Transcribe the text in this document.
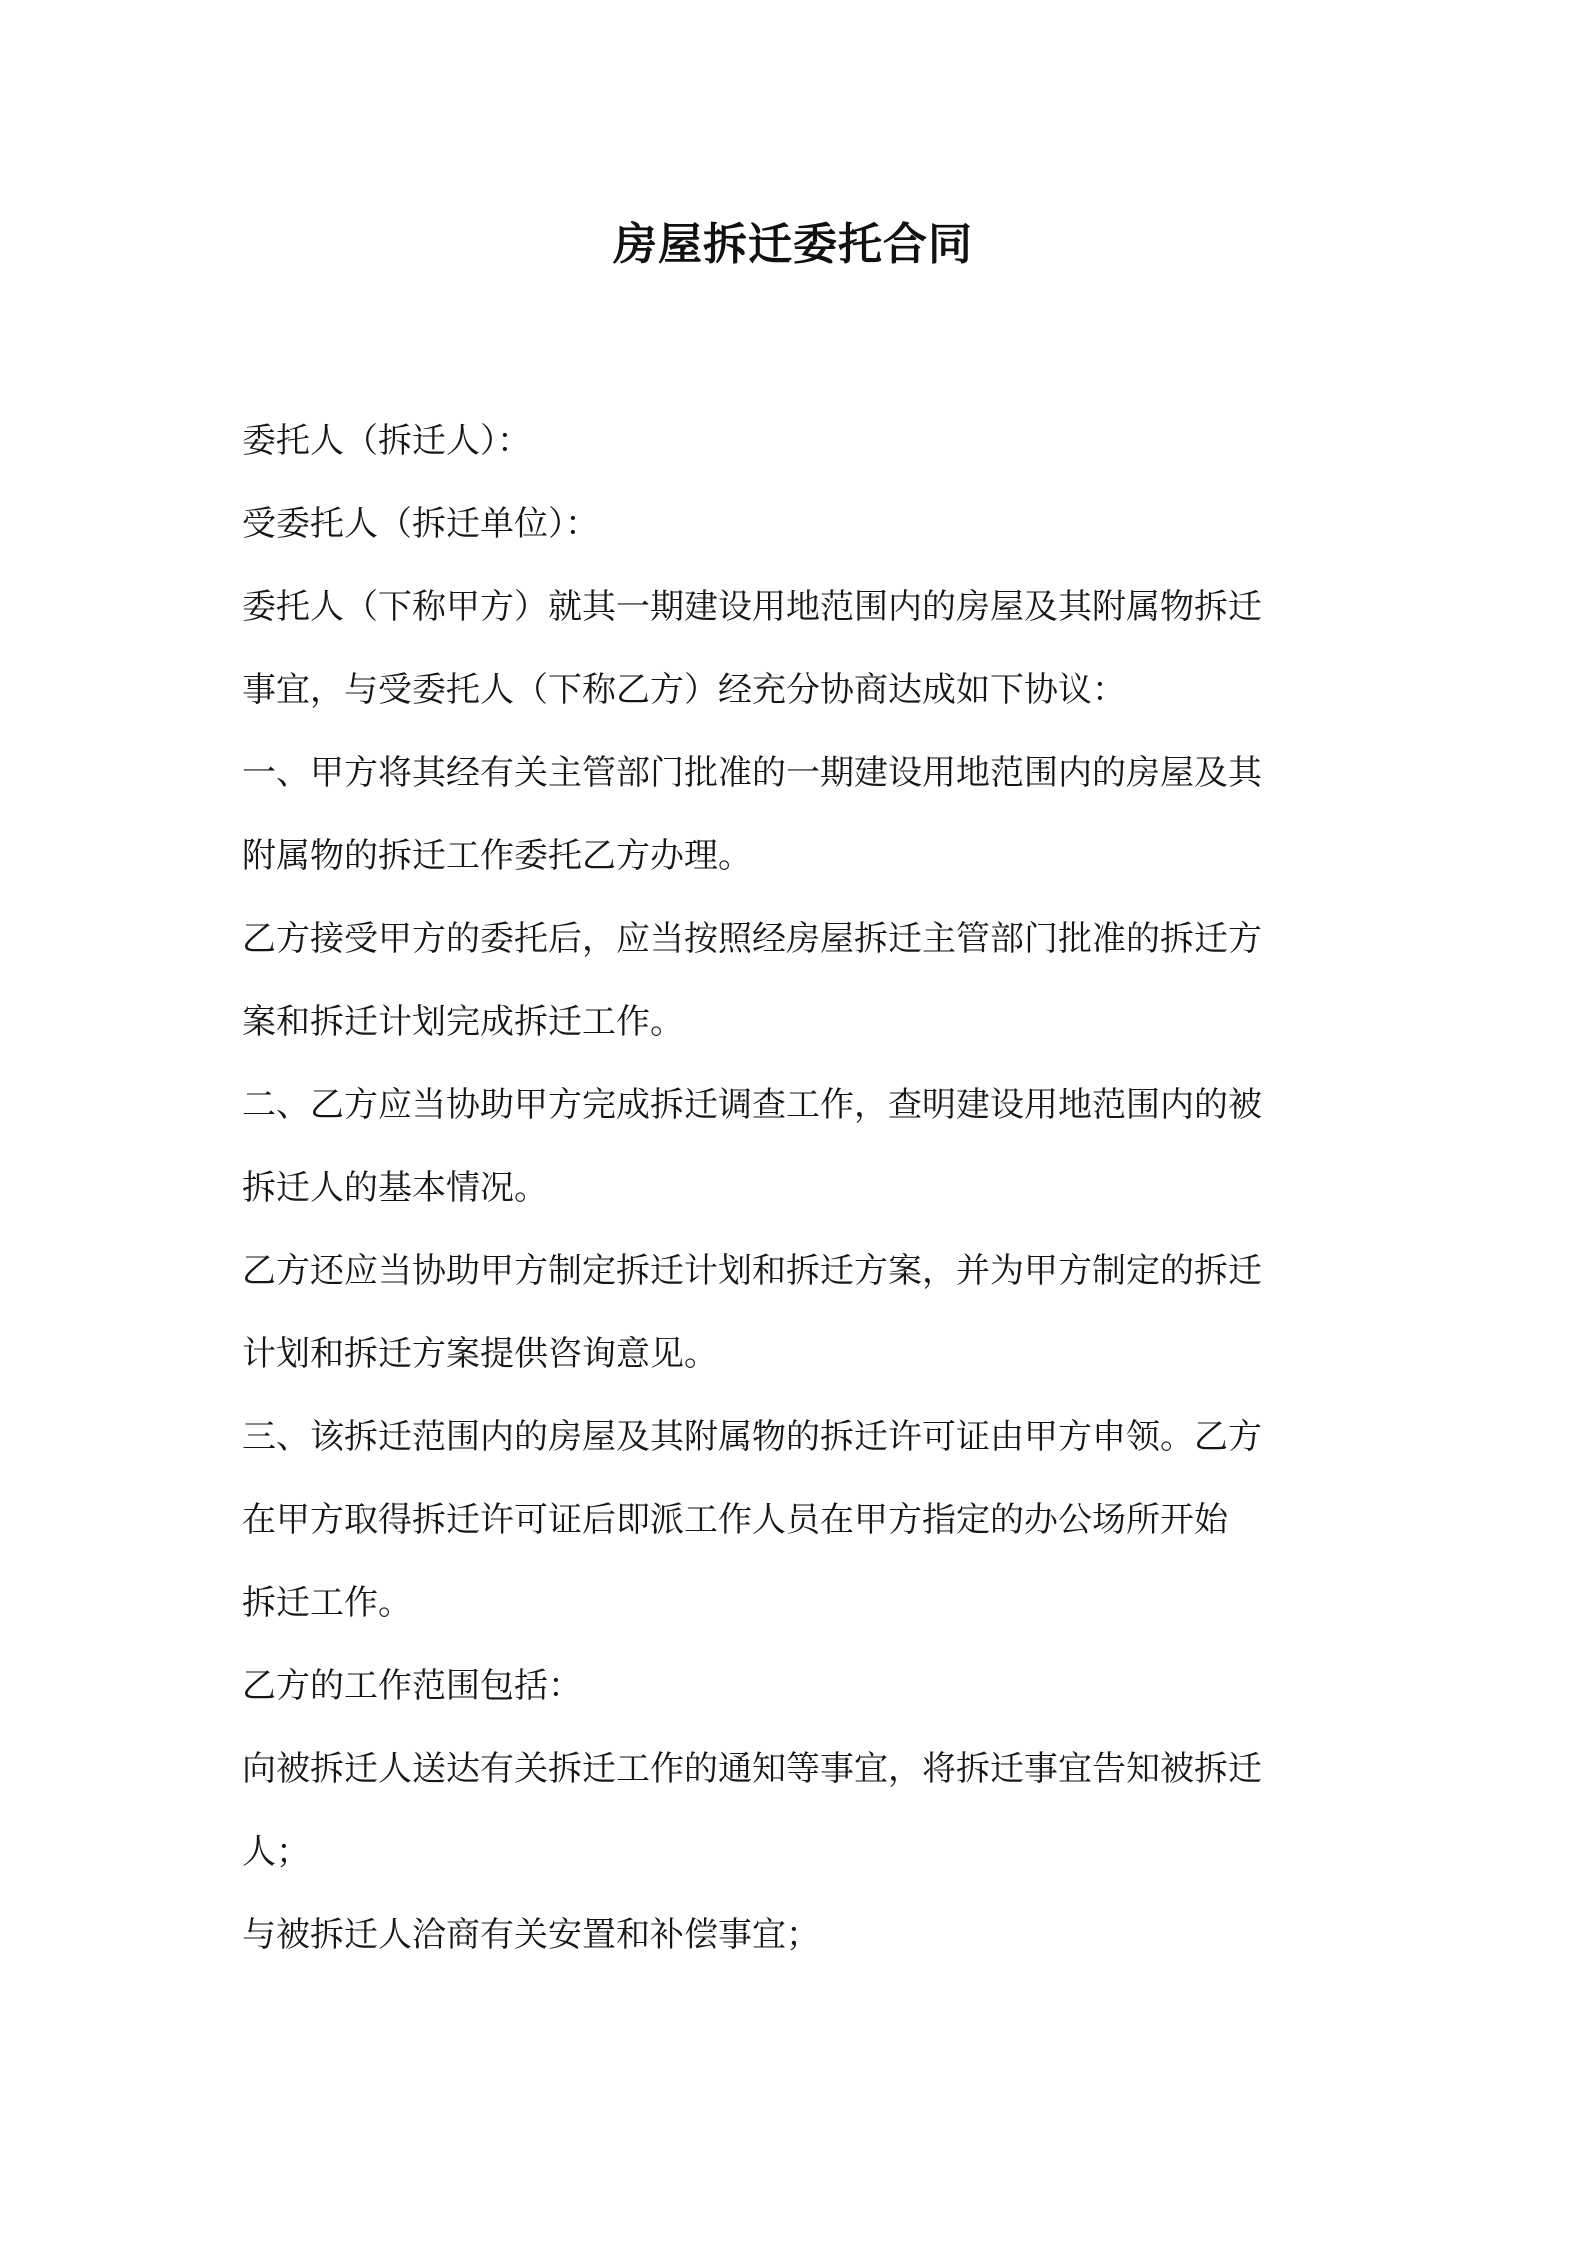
房屋拆迁委托合同
委托人（拆迁人）：
受委托人（拆迁单位）：
委托人（下称甲方）就其一期建设用地范围内的房屋及其附属物拆迁
事宜，与受委托人（下称乙方）经充分协商达成如下协议：
一、甲方将其经有关主管部门批准的一期建设用地范围内的房屋及其
附属物的拆迁工作委托乙方办理。
乙方接受甲方的委托后，应当按照经房屋拆迁主管部门批准的拆迁方
案和拆迁计划完成拆迁工作。
二、乙方应当协助甲方完成拆迁调查工作，查明建设用地范围内的被
拆迁人的基本情况。
乙方还应当协助甲方制定拆迁计划和拆迁方案，并为甲方制定的拆迁
计划和拆迁方案提供咨询意见。
三、该拆迁范围内的房屋及其附属物的拆迁许可证由甲方申领。乙方
在甲方取得拆迁许可证后即派工作人员在甲方指定的办公场所开始
拆迁工作。
乙方的工作范围包括：
向被拆迁人送达有关拆迁工作的通知等事宜，将拆迁事宜告知被拆迁
人；
与被拆迁人洽商有关安置和补偿事宜；
